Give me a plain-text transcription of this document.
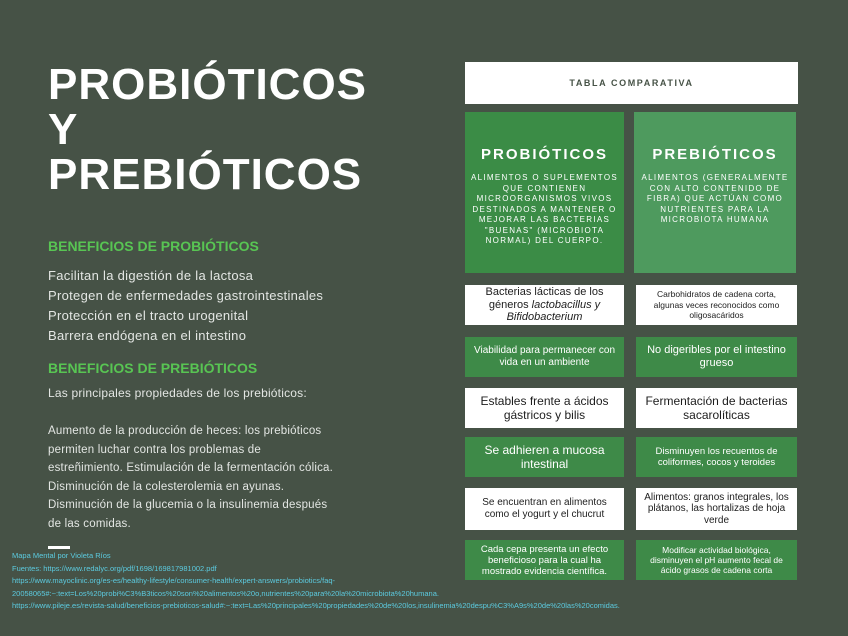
PROBIÓTICOS
Y
PREBIÓTICOS
BENEFICIOS DE PROBIÓTICOS
Facilitan la digestión de la lactosa
Protegen de enfermedades gastrointestinales
Protección en el tracto urogenital
Barrera endógena en el intestino
BENEFICIOS DE PREBIÓTICOS
Las principales propiedades de los prebióticos:
Aumento de la producción de heces: los prebióticos
permiten luchar contra los problemas de
estreñimiento. Estimulación de la fermentación cólica.
Disminución de la colesterolemia en ayunas.
Disminución de la glucemia o la insulinemia después
de las comidas.
Mapa Mental por Violeta Ríos
Fuentes: https://www.redalyc.org/pdf/1698/169817981002.pdf
https://www.mayoclinic.org/es-es/healthy-lifestyle/consumer-health/expert-answers/probiotics/faq-
20058065#:~:text=Los%20probi%C3%B3ticos%20son%20alimentos%20o,nutrientes%20para%20la%20microbiota%20humana.
https://www.pileje.es/revista-salud/beneficios-prebioticos-salud#:~:text=Las%20principales%20propiedades%20de%20los,insulinemia%20despu%C3%A9s%20de%20las%20comidas.
TABLA COMPARATIVA
PROBIÓTICOS
ALIMENTOS O SUPLEMENTOS QUE CONTIENEN MICROORGANISMOS VIVOS DESTINADOS A MANTENER O MEJORAR LAS BACTERIAS "BUENAS" (MICROBIOTA NORMAL) DEL CUERPO.
PREBIÓTICOS
ALIMENTOS (GENERALMENTE CON ALTO CONTENIDO DE FIBRA) QUE ACTÚAN COMO NUTRIENTES PARA LA MICROBIOTA HUMANA
Bacterias lácticas de los géneros lactobacillus y Bifidobacterium
Viabilidad para permanecer con vida en un ambiente
Estables frente a ácidos gástricos y bilis
Se adhieren a mucosa intestinal
Se encuentran en alimentos como el yogurt y el chucrut
Cada cepa presenta un efecto beneficioso para la cual ha mostrado evidencia científica.
Carbohidratos de cadena corta, algunas veces reconocidos como oligosacáridos
No digeribles por el intestino grueso
Fermentación de bacterias sacarolíticas
Disminuyen los recuentos de coliformes, cocos y teroides
Alimentos: granos integrales, los plátanos, las hortalizas de hoja verde
Modificar actividad biológica, disminuyen el pH aumento fecal de ácido grasos de cadena corta
